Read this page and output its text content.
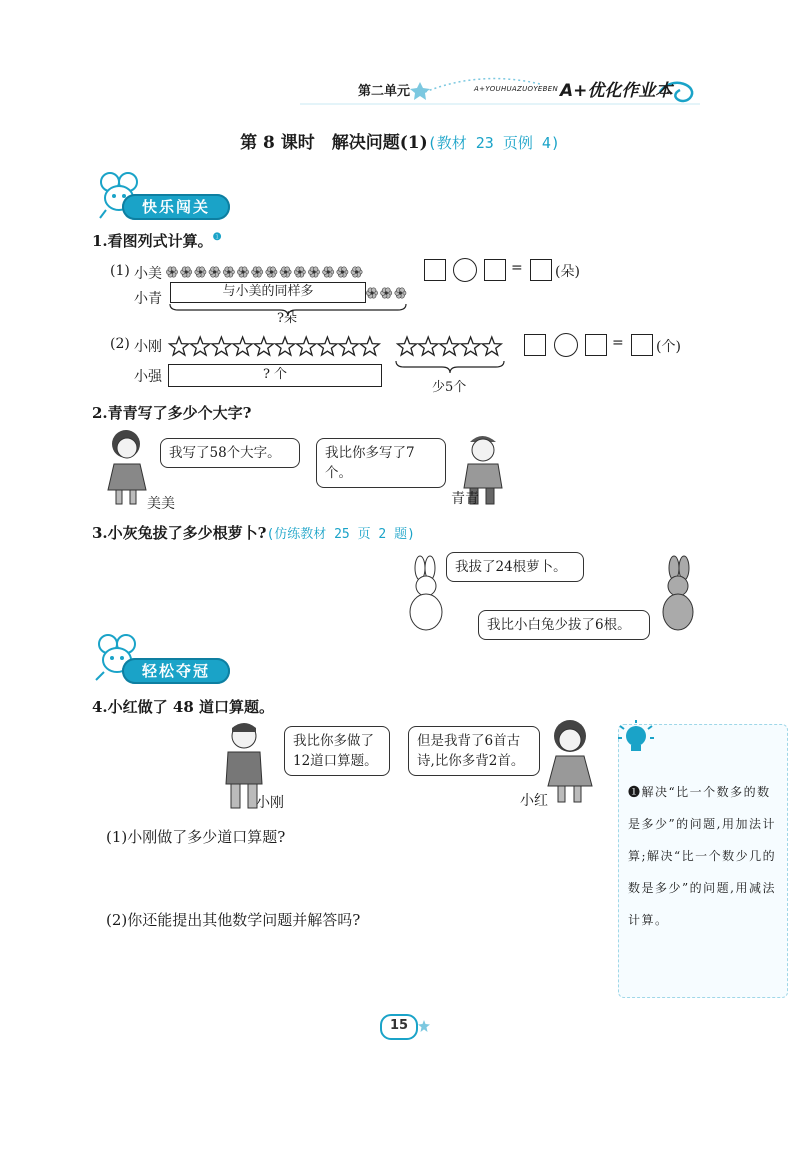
第二单元	A+YOUHUAZUOYEBEN A+优化作业本
第 8 课时　解决问题(1)(教材 23 页例 4)
快乐闯关
1.看图列式计算。$^❶$
(1) 小美
小青	与小美的同样多
?朵
= (朵)
(2) 小刚
小强	? 个
少5个
= (个)
2.青青写了多少个大字?
我写了58个大字。	我比你多写了7个。
美美	青青
3.小灰兔拔了多少根萝卜?(仿练教材 25 页 2 题)
我拔了24根萝卜。
我比小白兔少拔了6根。
轻松夺冠
4.小红做了 48 道口算题。
我比你多做了
12道口算题。
但是我背了6首古
诗,比你多背2首。
小刚	小红
(1)小刚做了多少道口算题?
(2)你还能提出其他数学问题并解答吗?
❶解决“比一个数多的数是多少”的问题,用加法计算;解决“比一个数少几的数是多少”的问题,用减法计算。
15
